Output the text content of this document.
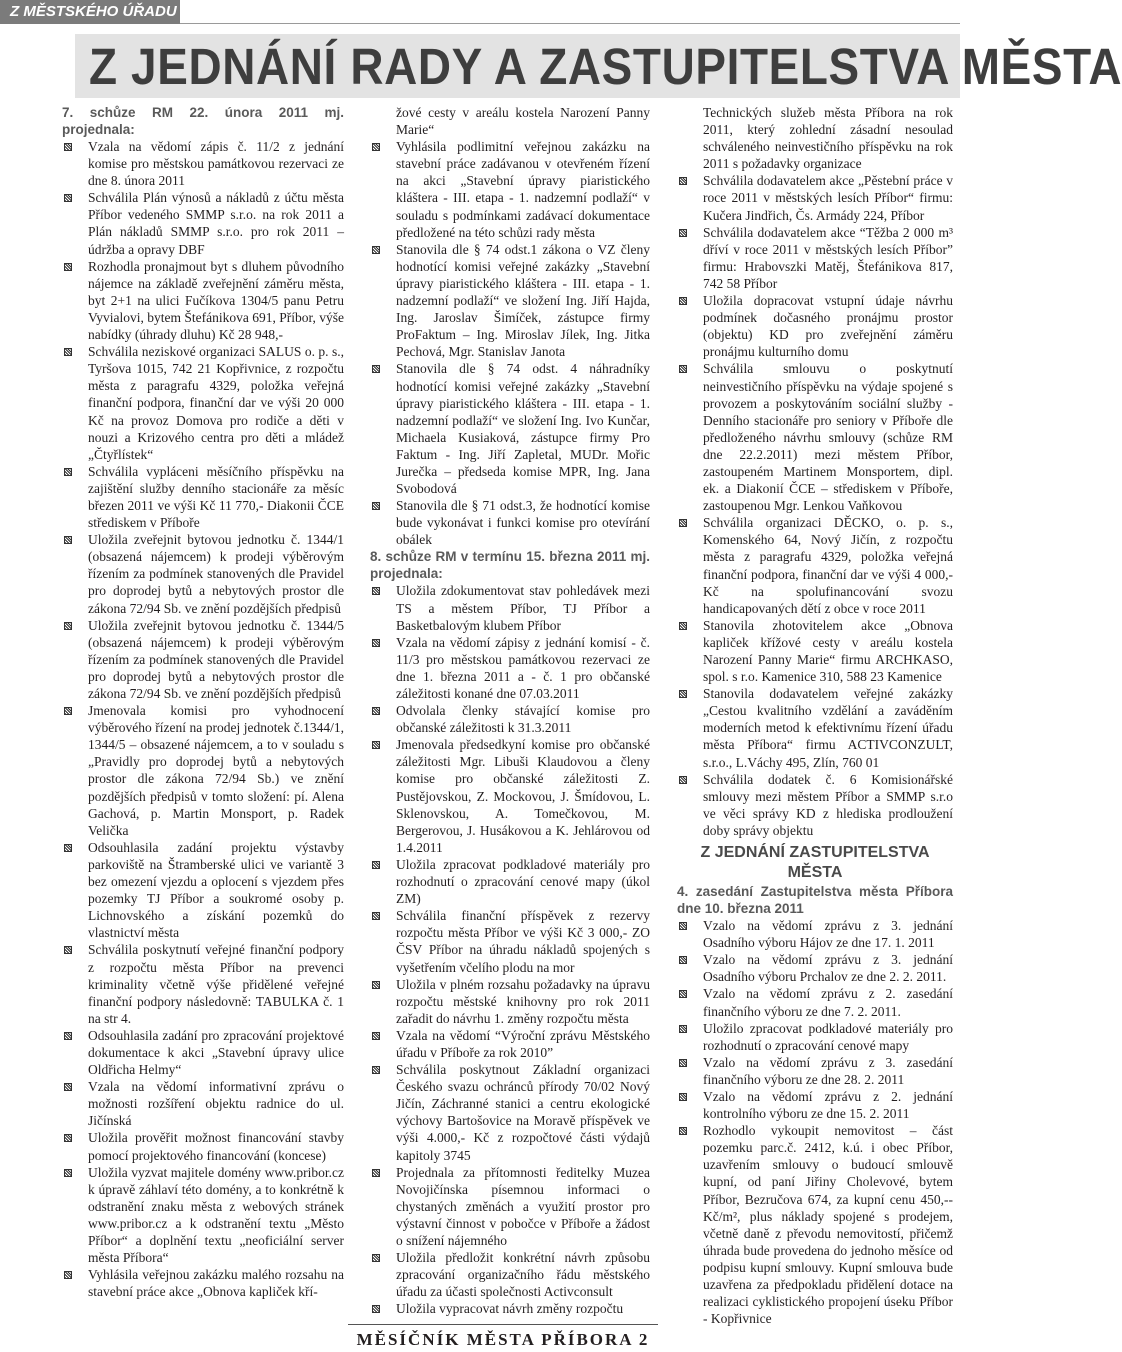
Z MĚSTSKÉHO ÚŘADU
Z JEDNÁNÍ RADY A ZASTUPITELSTVA MĚSTA

7. schůze RM 22. února 2011 mj. projednala:

Vzala na vědomí zápis č. 11/2 z jednání komise pro městskou památkovou rezervaci ze dne 8. února 2011
Schválila Plán výnosů a nákladů z účtu města Příbor vedeného SMMP s.r.o. na rok 2011 a Plán nákladů SMMP s.r.o. pro rok 2011 – údržba a opravy DBF
Rozhodla pronajmout byt s dluhem původního nájemce na základě zveřejnění záměru města, byt 2+1 na ulici Fučíkova 1304/5 panu Petru Vyvialovi, bytem Štefánikova 691, Příbor, výše nabídky (úhrady dluhu) Kč 28 948,-
Schválila neziskové organizaci SALUS o. p. s., Tyršova 1015, 742 21 Kopřivnice, z rozpočtu města z paragrafu 4329, položka veřejná finanční podpora, finanční dar ve výši 20 000 Kč na provoz Domova pro rodiče a děti v nouzi a Krizového centra pro děti a mládež „Čtyřlístek“
Schválila vypláceni měsíčního příspěvku na zajištění služby denního stacionáře za měsíc březen 2011 ve výši Kč 11 770,- Diakonii ČCE střediskem v Příboře
Uložila zveřejnit bytovou jednotku č. 1344/1 (obsazená nájemcem) k prodeji výběrovým řízením za podmínek stanovených dle Pravidel pro doprodej bytů a nebytových prostor dle zákona 72/94 Sb. ve znění pozdějších předpisů
Uložila zveřejnit bytovou jednotku č. 1344/5 (obsazená nájemcem) k prodeji výběrovým řízením za podmínek stanovených dle Pravidel pro doprodej bytů a nebytových prostor dle zákona 72/94 Sb. ve znění pozdějších předpisů
Jmenovala komisi pro vyhodnocení výběrového řízení na prodej jednotek č.1344/1, 1344/5 – obsazené nájemcem, a to v souladu s „Pravidly pro doprodej bytů a nebytových prostor dle zákona 72/94 Sb.) ve znění pozdějších předpisů v tomto složení: pí. Alena Gachová, p. Martin Monsport, p. Radek Velička
Odsouhlasila zadání projektu výstavby parkoviště na Štramberské ulici ve variantě 3 bez omezení vjezdu a oplocení s vjezdem přes pozemky TJ Příbor a soukromé osoby p. Lichnovského a získání pozemků do vlastnictví města
Schválila poskytnutí veřejné finanční podpory z rozpočtu města Příbor na prevenci kriminality včetně výše přidělené veřejné finanční podpory následovně: TABULKA č. 1 na str 4.
Odsouhlasila zadání pro zpracování projektové dokumentace k akci „Stavební úpravy ulice Oldřicha Helmy“
Vzala na vědomí informativní zprávu o možnosti rozšíření objektu radnice do ul. Jičínská
Uložila prověřit možnost financování stavby pomocí projektového financování (koncese)
Uložila vyzvat majitele domény www.pribor.cz k úpravě záhlaví této domény, a to konkrétně k odstranění znaku města z webových stránek www.pribor.cz a k odstranění textu „Město Příbor“ a doplnění textu „neoficiální server města Příbora“
Vyhlásila veřejnou zakázku malého rozsahu na stavební práce akce „Obnova kapliček kří-

žové cesty v areálu kostela Narození Panny Marie“

Vyhlásila podlimitní veřejnou zakázku na stavební práce zadávanou v otevřeném řízení na akci „Stavební úpravy piaristického kláštera - III. etapa - 1. nadzemní podlaží“ v souladu s podmínkami zadávací dokumentace předložené na této schůzi rady města
Stanovila dle § 74 odst.1 zákona o VZ členy hodnotící komisi veřejné zakázky „Stavební úpravy piaristického kláštera - III. etapa - 1. nadzemní podlaží“ ve složení Ing. Jiří Hajda, Ing. Jaroslav Šimíček, zástupce firmy ProFaktum – Ing. Miroslav Jílek, Ing. Jitka Pechová, Mgr. Stanislav Janota
Stanovila dle § 74 odst. 4 náhradníky hodnotící komisi veřejné zakázky „Stavební úpravy piaristického kláštera - III. etapa - 1. nadzemní podlaží“ ve složení Ing. Ivo Kunčar, Michaela Kusiaková, zástupce firmy Pro Faktum - Ing. Jiří Zapletal, MUDr. Mořic Jurečka – předseda komise MPR, Ing. Jana Svobodová
Stanovila dle § 71 odst.3, že hodnotící komise bude vykonávat i funkci komise pro otevírání obálek

8. schůze RM v termínu 15. března 2011 mj. projednala:

Uložila zdokumentovat stav pohledávek mezi TS a městem Příbor, TJ Příbor a Basketbalovým klubem Příbor
Vzala na vědomí zápisy z jednání komisí - č. 11/3 pro městskou památkovou rezervaci ze dne 1. března 2011 a - č. 1 pro občanské záležitosti konané dne 07.03.2011
Odvolala členky stávající komise pro občanské záležitosti k 31.3.2011
Jmenovala předsedkyní komise pro občanské záležitosti Mgr. Libuši Klaudovou a členy komise pro občanské záležitosti Z. Pustějovskou, Z. Mockovou, J. Šmídovou, L. Sklenovskou, A. Tomečkovou, M. Bergerovou, J. Husákovou a K. Jehlárovou od 1.4.2011
Uložila zpracovat podkladové materiály pro rozhodnutí o zpracování cenové mapy (úkol ZM)
Schválila finanční příspěvek z rezervy rozpočtu města Příbor ve výši Kč 3 000,- ZO ČSV Příbor na úhradu nákladů spojených s vyšetřením včelího plodu na mor
Uložila v plném rozsahu požadavky na úpravu rozpočtu městské knihovny pro rok 2011 zařadit do návrhu 1. změny rozpočtu města
Vzala na vědomí “Výroční zprávu Městského úřadu v Příboře za rok 2010”
Schválila poskytnout Základní organizaci Českého svazu ochránců přírody 70/02 Nový Jičín, Záchranné stanici a centru ekologické výchovy Bartošovice na Moravě příspěvek ve výši 4.000,- Kč z rozpočtové části výdajů kapitoly 3745
Projednala za přítomnosti ředitelky Muzea Novojičínska písemnou informaci o chystaných změnách a využití prostor pro výstavní činnost v pobočce v Příboře a žádost o snížení nájemného
Uložila předložit konkrétní návrh způsobu zpracování organizačního řádu městského úřadu za účasti společnosti Activconsult
Uložila vypracovat návrh změny rozpočtu

Technických služeb města Příbora na rok 2011, který zohlední zásadní nesoulad schváleného neinvestičního příspěvku na rok 2011 s požadavky organizace

Schválila dodavatelem akce „Pěstební práce v roce 2011 v městských lesích Příbor“ firmu: Kučera Jindřich, Čs. Armády 224, Příbor
Schválila dodavatelem akce “Těžba 2 000 m³ dříví v roce 2011 v městských lesích Příbor” firmu: Hrabovszki Matěj, Štefánikova 817, 742 58 Příbor
Uložila dopracovat vstupní údaje návrhu podmínek dočasného pronájmu prostor (objektu) KD pro zveřejnění záměru pronájmu kulturního domu
Schválila smlouvu o poskytnutí neinvestičního příspěvku na výdaje spojené s provozem a poskytováním sociální služby - Denního stacionáře pro seniory v Příboře dle předloženého návrhu smlouvy (schůze RM dne 22.2.2011) mezi městem Příbor, zastoupeném Martinem Monsportem, dipl. ek. a Diakonií ČCE – střediskem v Příboře, zastoupenou Mgr. Lenkou Vaňkovou
Schválila organizaci DĚCKO, o. p. s., Komenského 64, Nový Jičín, z rozpočtu města z paragrafu 4329, položka veřejná finanční podpora, finanční dar ve výši 4 000,- Kč na spolufinancování svozu handicapovaných dětí z obce v roce 2011
Stanovila zhotovitelem akce „Obnova kapliček křížové cesty v areálu kostela Narození Panny Marie“ firmu ARCHKASO, spol. s r.o. Kamenice 310, 588 23 Kamenice
Stanovila dodavatelem veřejné zakázky „Cestou kvalitního vzdělání a zaváděním moderních metod k efektivnímu řízení úřadu města Příbora“ firmu ACTIVCONZULT, s.r.o., L.Váchy 495, Zlín, 760 01
Schválila dodatek č. 6 Komisionářské smlouvy mezi městem Příbor a SMMP s.r.o ve věci správy KD z hlediska prodloužení doby správy objektu

Z JEDNÁNÍ ZASTUPITELSTVA MĚSTA

4. zasedání Zastupitelstva města Příbora dne 10. března 2011

Vzalo na vědomí zprávu z 3. jednání Osadního výboru Hájov ze dne 17. 1. 2011
Vzalo na vědomí zprávu z 3. jednání Osadního výboru Prchalov ze dne 2. 2. 2011.
Vzalo na vědomí zprávu z 2. zasedání finančního výboru ze dne 7. 2. 2011.
Uložilo zpracovat podkladové materiály pro rozhodnutí o zpracování cenové mapy
Vzalo na vědomí zprávu z 3. zasedání finančního výboru ze dne 28. 2. 2011
Vzalo na vědomí zprávu z 2. jednání kontrolního výboru ze dne 15. 2. 2011
Rozhodlo vykoupit nemovitost – část pozemku parc.č. 2412, k.ú. i obec Příbor, uzavřením smlouvy o budoucí smlouvě kupní, od paní Jiřiny Cholevové, bytem Příbor, Bezručova 674, za kupní cenu 450,-- Kč/m², plus náklady spojené s prodejem, včetně daně z převodu nemovitostí, přičemž úhrada bude provedena do jednoho měsíce od podpisu kupní smlouvy. Kupní smlouva bude uzavřena za předpokladu přidělení dotace na realizaci cyklistického propojení úseku Příbor - Kopřivnice
MĚSÍČNÍK MĚSTA PŘÍBORA 2
